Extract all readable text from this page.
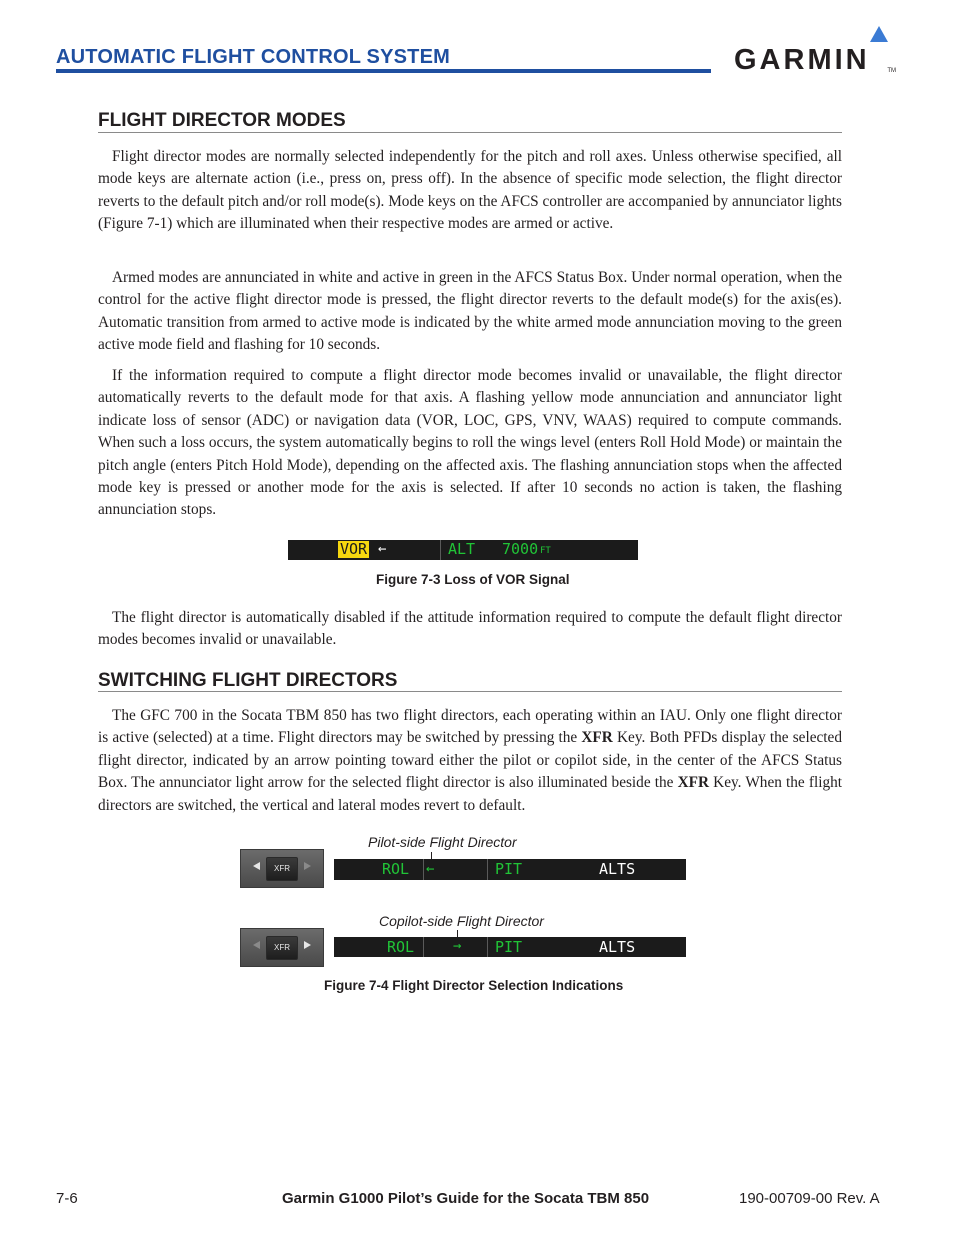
AUTOMATIC FLIGHT CONTROL SYSTEM	GARMIN	TM
FLIGHT DIRECTOR MODES
Flight director modes are normally selected independently for the pitch and roll axes. Unless otherwise specified, all mode keys are alternate action (i.e., press on, press off). In the absence of specific mode selection, the flight director reverts to the default pitch and/or roll mode(s). Mode keys on the AFCS controller are accompanied by annunciator lights (Figure 7-1) which are illuminated when their respective modes are armed or active.
Armed modes are annunciated in white and active in green in the AFCS Status Box. Under normal operation, when the control for the active flight director mode is pressed, the flight director reverts to the default mode(s) for the axis(es). Automatic transition from armed to active mode is indicated by the white armed mode annunciation moving to the green active mode field and flashing for 10 seconds.
If the information required to compute a flight director mode becomes invalid or unavailable, the flight director automatically reverts to the default mode for that axis. A flashing yellow mode annunciation and annunciator light indicate loss of sensor (ADC) or navigation data (VOR, LOC, GPS, VNV, WAAS) required to compute commands. When such a loss occurs, the system automatically begins to roll the wings level (enters Roll Hold Mode) or maintain the pitch angle (enters Pitch Hold Mode), depending on the affected axis. The flashing annunciation stops when the affected mode key is pressed or another mode for the axis is selected. If after 10 seconds no action is taken, the flashing annunciation stops.
VOR ←	ALT 7000 FT
Figure 7-3 Loss of VOR Signal
The flight director is automatically disabled if the attitude information required to compute the default flight director modes becomes invalid or unavailable.
SWITCHING FLIGHT DIRECTORS
The GFC 700 in the Socata TBM 850 has two flight directors, each operating within an IAU. Only one flight director is active (selected) at a time. Flight directors may be switched by pressing the XFR Key. Both PFDs display the selected flight director, indicated by an arrow pointing toward either the pilot or copilot side, in the center of the AFCS Status Box. The annunciator light arrow for the selected flight director is also illuminated beside the XFR Key. When the flight directors are switched, the vertical and lateral modes revert to default.
Pilot-side Flight Director
XFR	ROL ←	PIT	ALTS
Copilot-side Flight Director
XFR	ROL	→ PIT	ALTS
Figure 7-4 Flight Director Selection Indications
7-6	Garmin G1000 Pilot’s Guide for the Socata TBM 850	190-00709-00 Rev. A
